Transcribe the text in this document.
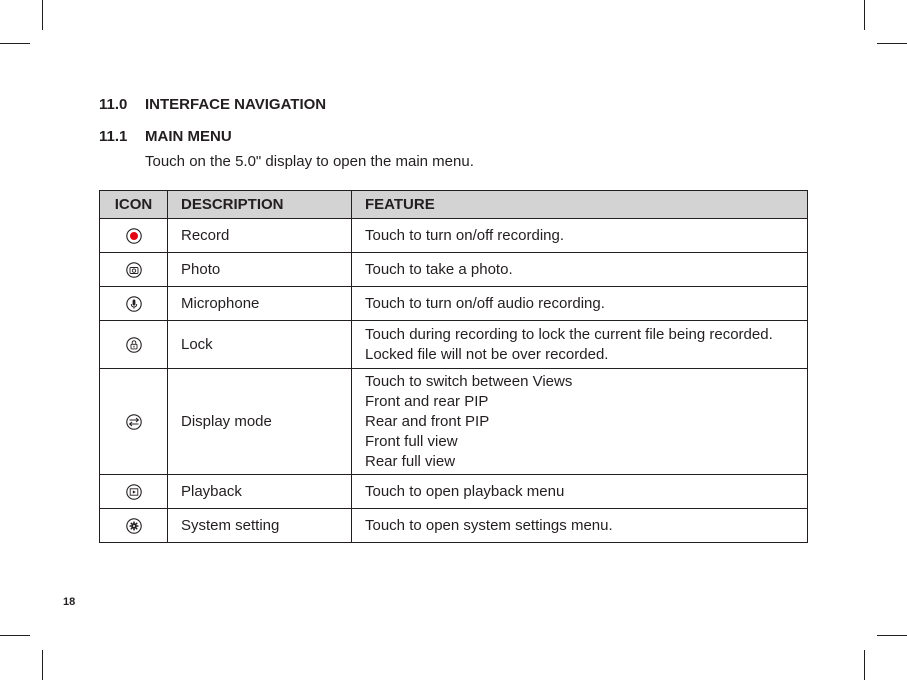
11.0 INTERFACE NAVIGATION
11.1 MAIN MENU
Touch on the 5.0" display to open the main menu.
ICON	DESCRIPTION	FEATURE

	Record	Touch to turn on/off recording.

	Photo	Touch to take a photo.

	Microphone	Touch to turn on/off audio recording.

	Lock	Touch during recording to lock the current file being recorded.
Locked file will not be over recorded.

	Display mode	Touch to switch between Views
Front and rear PIP
Rear and front PIP
Front full view
Rear full view

	Playback	Touch to open playback menu

	System setting	Touch to open system settings menu.
18
